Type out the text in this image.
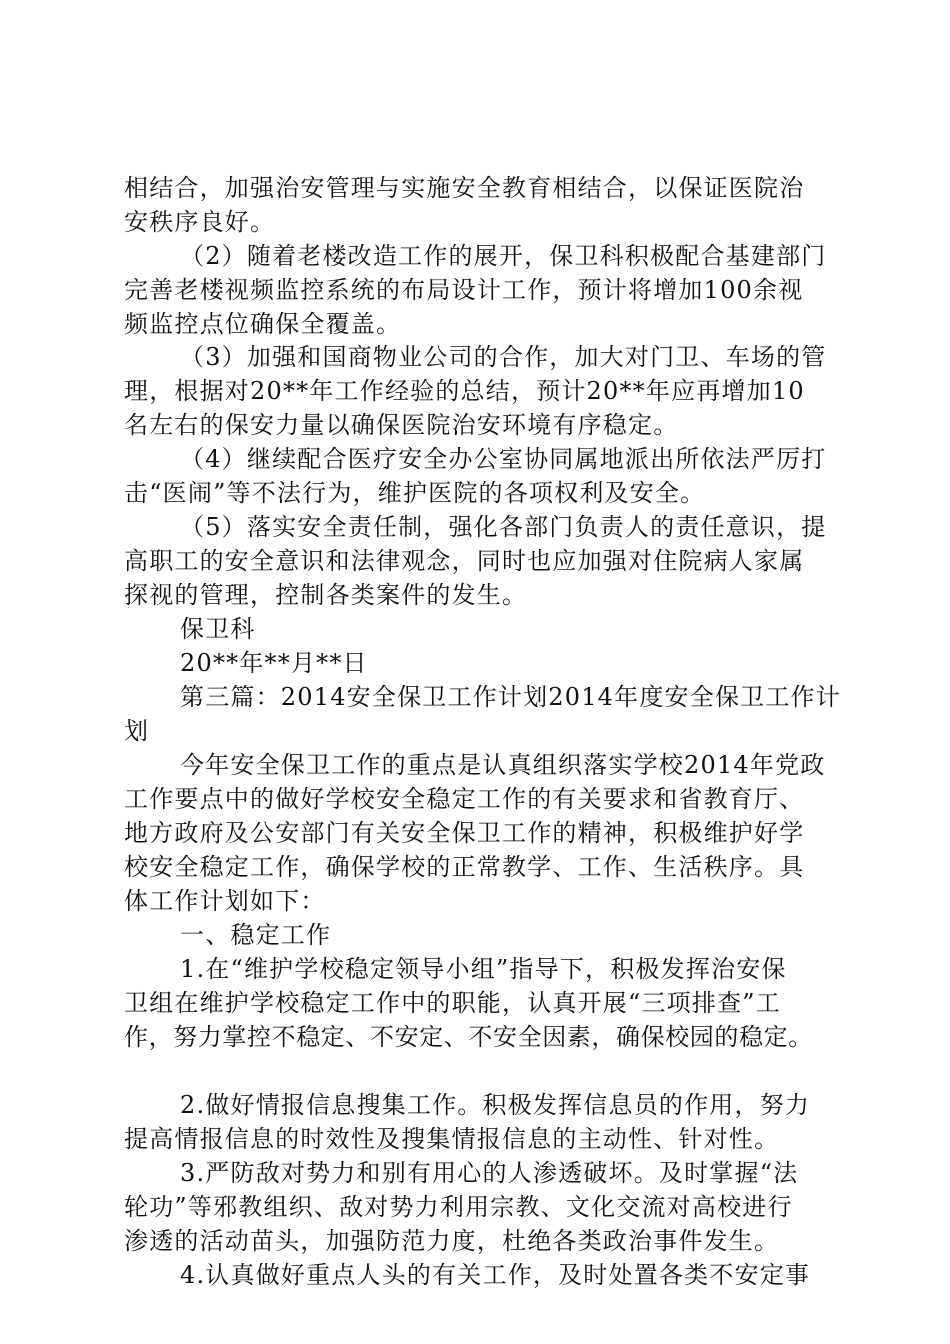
相结合，加强治安管理与实施安全教育相结合，以保证医院治
安秩序良好。
（2）随着老楼改造工作的展开，保卫科积极配合基建部门
完善老楼视频监控系统的布局设计工作，预计将增加100余视
频监控点位确保全覆盖。
（3）加强和国商物业公司的合作，加大对门卫、车场的管
理，根据对20**年工作经验的总结，预计20**年应再增加10
名左右的保安力量以确保医院治安环境有序稳定。
（4）继续配合医疗安全办公室协同属地派出所依法严厉打
击“医闹”等不法行为，维护医院的各项权利及安全。
（5）落实安全责任制，强化各部门负责人的责任意识，提
高职工的安全意识和法律观念，同时也应加强对住院病人家属
探视的管理，控制各类案件的发生。
保卫科
20**年**月**日
第三篇：2014安全保卫工作计划2014年度安全保卫工作计
划
今年安全保卫工作的重点是认真组织落实学校2014年党政
工作要点中的做好学校安全稳定工作的有关要求和省教育厅、
地方政府及公安部门有关安全保卫工作的精神，积极维护好学
校安全稳定工作，确保学校的正常教学、工作、生活秩序。具
体工作计划如下：
一、稳定工作
1.在“维护学校稳定领导小组”指导下，积极发挥治安保
卫组在维护学校稳定工作中的职能，认真开展“三项排查”工
作，努力掌控不稳定、不安定、不安全因素，确保校园的稳定。
2.做好情报信息搜集工作。积极发挥信息员的作用，努力
提高情报信息的时效性及搜集情报信息的主动性、针对性。
3.严防敌对势力和别有用心的人渗透破坏。及时掌握“法
轮功”等邪教组织、敌对势力利用宗教、文化交流对高校进行
渗透的活动苗头，加强防范力度，杜绝各类政治事件发生。
4.认真做好重点人头的有关工作，及时处置各类不安定事
